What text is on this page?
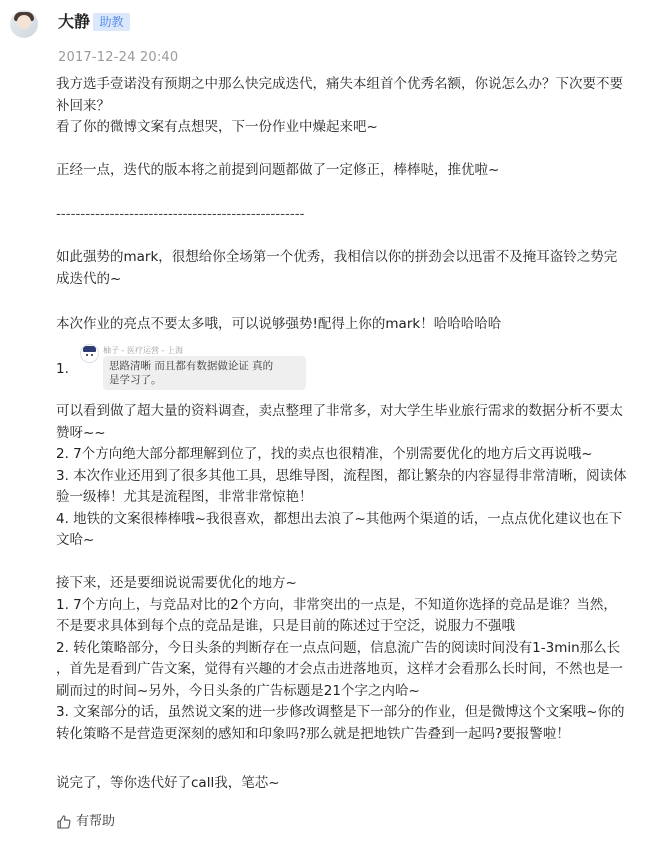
大静 助教
2017-12-24 20:40
我方选手壹诺没有预期之中那么快完成迭代，痛失本组首个优秀名额，你说怎么办？下次要不要
补回来？
看了你的微博文案有点想哭，下一份作业中燥起来吧~
正经一点，迭代的版本将之前提到问题都做了一定修正，棒棒哒，推优啦~
---------------------------------------------------
如此强势的mark，很想给你全场第一个优秀，我相信以你的拼劲会以迅雷不及掩耳盗铃之势完
成迭代的~
本次作业的亮点不要太多哦，可以说够强势!配得上你的mark！哈哈哈哈哈
1.
柚子 - 医疗运营 - 上海
思路清晰 而且都有数据做论证 真的
是学习了。
可以看到做了超大量的资料调查，卖点整理了非常多，对大学生毕业旅行需求的数据分析不要太
赞呀~~
2. 7个方向绝大部分都理解到位了，找的卖点也很精准，个别需要优化的地方后文再说哦~
3. 本次作业还用到了很多其他工具，思维导图，流程图，都让繁杂的内容显得非常清晰，阅读体
验一级棒！尤其是流程图，非常非常惊艳！
4. 地铁的文案很棒棒哦~我很喜欢，都想出去浪了~其他两个渠道的话，一点点优化建议也在下
文哈~
接下来，还是要细说说需要优化的地方~
1. 7个方向上，与竞品对比的2个方向，非常突出的一点是，不知道你选择的竞品是谁？当然，
不是要求具体到每个点的竞品是谁，只是目前的陈述过于空泛，说服力不强哦
2. 转化策略部分，今日头条的判断存在一点点问题，信息流广告的阅读时间没有1-3min那么长
，首先是看到广告文案，觉得有兴趣的才会点击进落地页，这样才会看那么长时间，不然也是一
刷而过的时间~另外，今日头条的广告标题是21个字之内哈~
3. 文案部分的话，虽然说文案的进一步修改调整是下一部分的作业，但是微博这个文案哦~你的
转化策略不是营造更深刻的感知和印象吗?那么就是把地铁广告叠到一起吗?要报警啦！
说完了，等你迭代好了call我，笔芯~
有帮助
